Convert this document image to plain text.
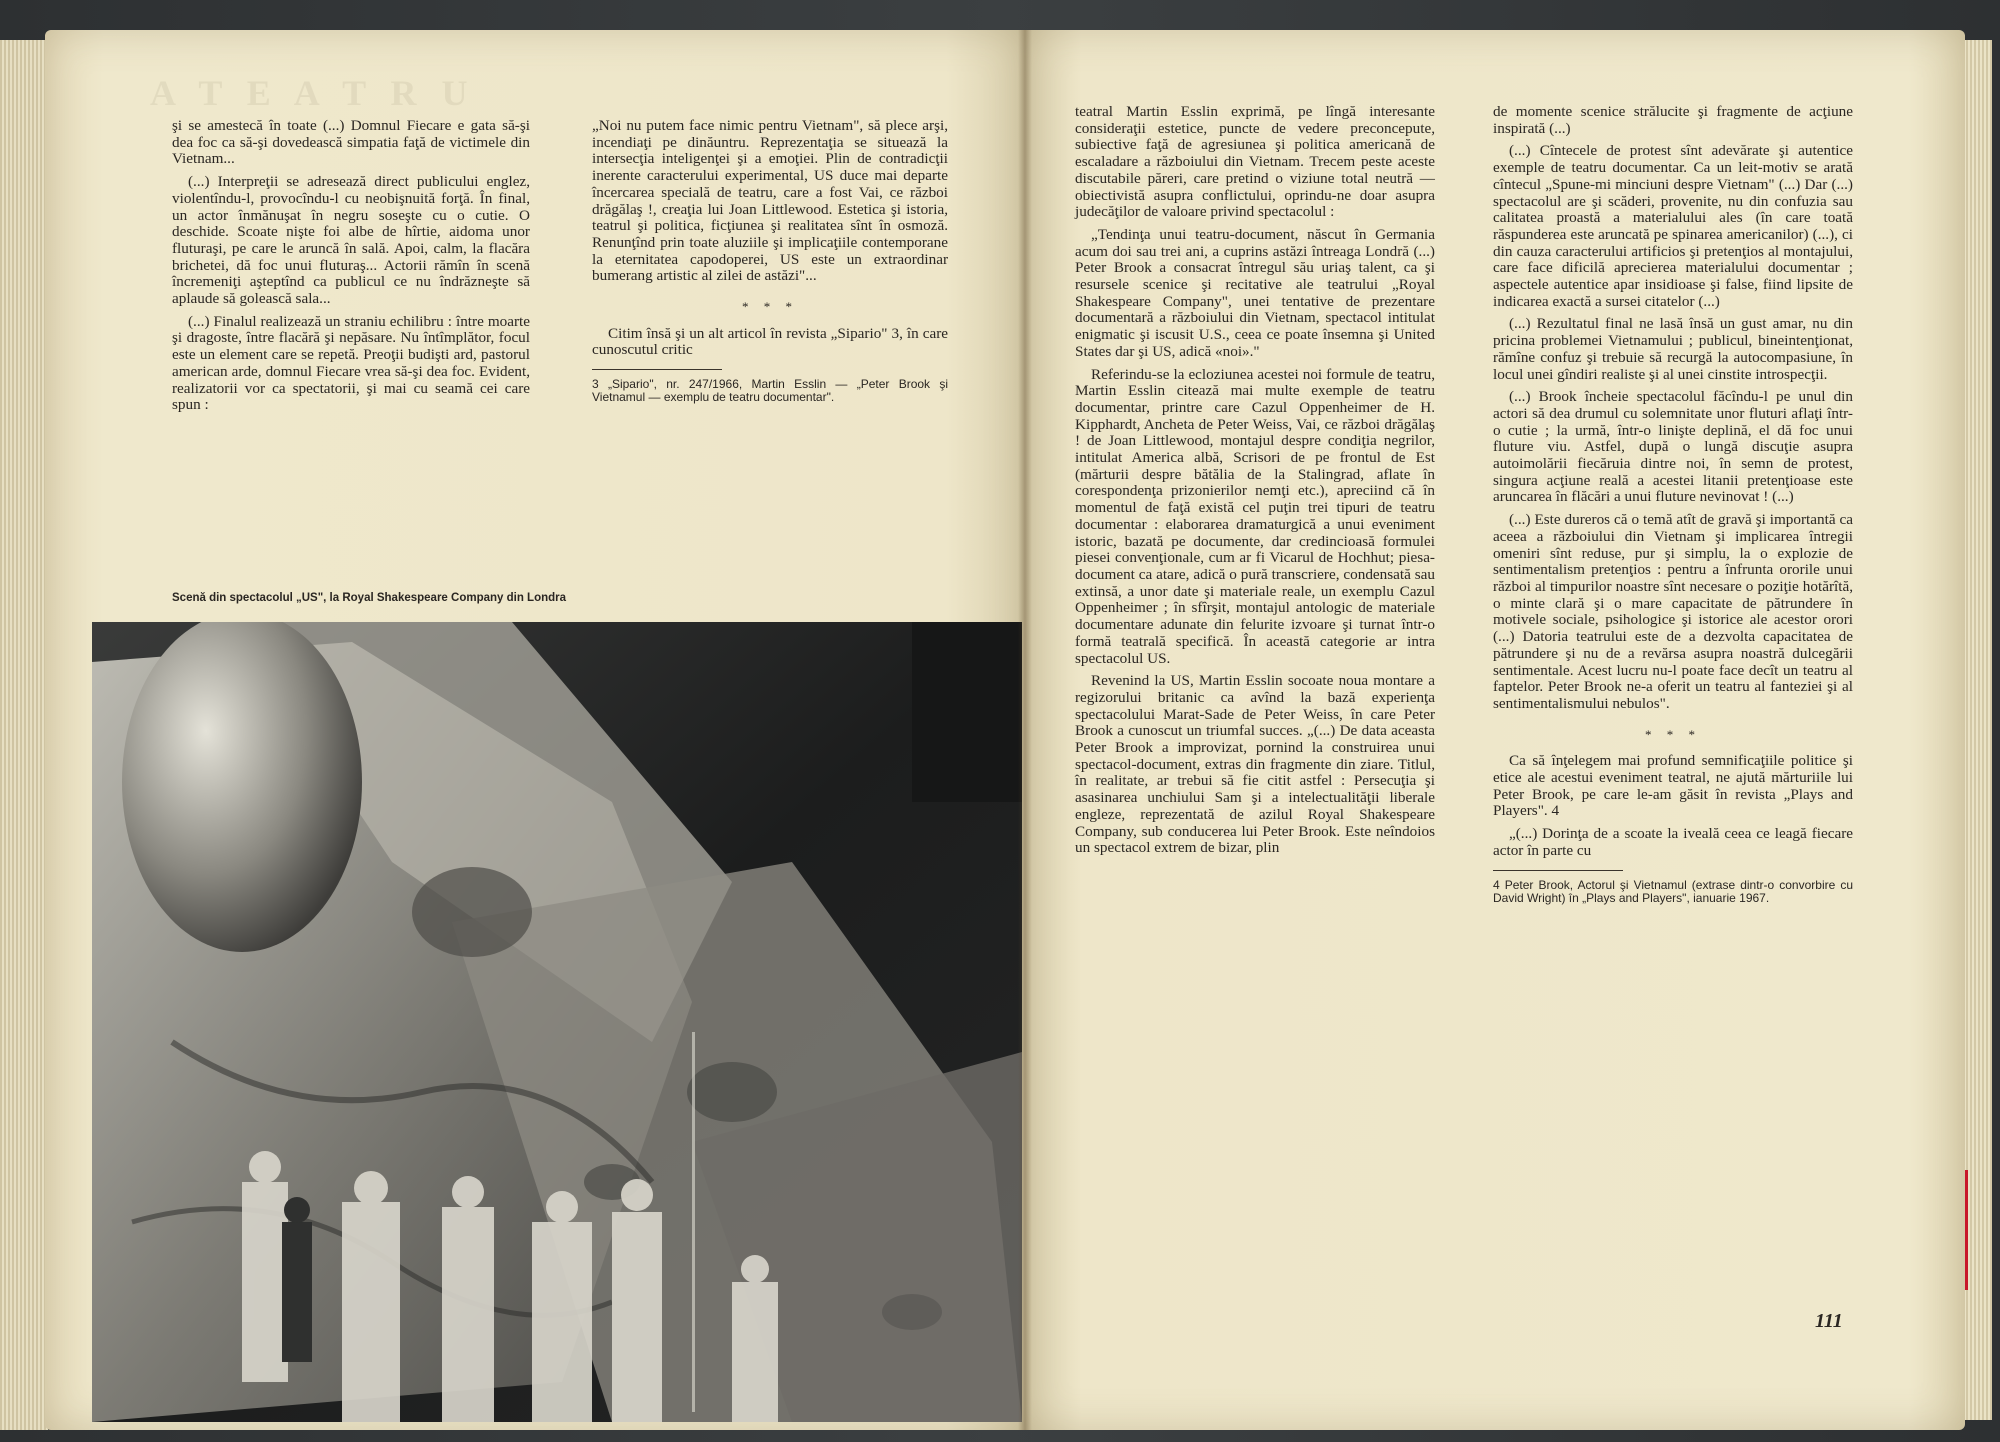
A T E A T R U

şi se amestecă în toate (...) Domnul Fiecare e gata să-şi dea foc ca să-şi dovedească simpatia faţă de victimele din Vietnam...

(...) Interpreţii se adresează direct publicului englez, violentîndu-l, provocîndu-l cu neobişnuită forţă. În final, un actor înmănuşat în negru soseşte cu o cutie. O deschide. Scoate nişte foi albe de hîrtie, aidoma unor fluturaşi, pe care le aruncă în sală. Apoi, calm, la flacăra brichetei, dă foc unui fluturaş... Actorii rămîn în scenă încremeniţi aşteptînd ca publicul ce nu îndrăzneşte să aplaude să golească sala...

(...) Finalul realizează un straniu echilibru : între moarte şi dragoste, între flacără şi nepăsare. Nu întîmplător, focul este un element care se repetă. Preoţii budişti ard, pastorul american arde, domnul Fiecare vrea să-şi dea foc. Evident, realizatorii vor ca spectatorii, şi mai cu seamă cei care spun :

„Noi nu putem face nimic pentru Vietnam", să plece arşi, incendiaţi pe dinăuntru. Reprezentaţia se situează la intersecţia inteligenţei şi a emoţiei. Plin de contradicţii inerente caracterului experimental, US duce mai departe încercarea specială de teatru, care a fost Vai, ce război drăgălaş !, creaţia lui Joan Littlewood. Estetica şi istoria, teatrul şi politica, ficţiunea şi realitatea sînt în osmoză. Renunţînd prin toate aluziile şi implicaţiile contemporane la eternitatea capodoperei, US este un extraordinar bumerang artistic al zilei de astăzi"...

* * *

Citim însă şi un alt articol în revista „Sipario" 3, în care cunoscutul critic

3 „Sipario", nr. 247/1966, Martin Esslin — „Peter Brook şi Vietnamul — exemplu de teatru documentar".

Scenă din spectacolul „US", la Royal Shakespeare Company din Londra

teatral Martin Esslin exprimă, pe lîngă interesante consideraţii estetice, puncte de vedere preconcepute, subiective faţă de agresiunea şi politica americană de escaladare a războiului din Vietnam. Trecem peste aceste discutabile păreri, care pretind o viziune total neutră — obiectivistă asupra conflictului, oprindu-ne doar asupra judecăţilor de valoare privind spectacolul :

„Tendinţa unui teatru-document, născut în Germania acum doi sau trei ani, a cuprins astăzi întreaga Londră (...) Peter Brook a consacrat întregul său uriaş talent, ca şi resursele scenice şi recitative ale teatrului „Royal Shakespeare Company", unei tentative de prezentare documentară a războiului din Vietnam, spectacol intitulat enigmatic şi iscusit U.S., ceea ce poate însemna şi United States dar şi US, adică «noi»."

Referindu-se la ecloziunea acestei noi formule de teatru, Martin Esslin citează mai multe exemple de teatru documentar, printre care Cazul Oppenheimer de H. Kipphardt, Ancheta de Peter Weiss, Vai, ce război drăgălaş ! de Joan Littlewood, montajul despre condiţia negrilor, intitulat America albă, Scrisori de pe frontul de Est (mărturii despre bătălia de la Stalingrad, aflate în corespondenţa prizonierilor nemţi etc.), apreciind că în momentul de faţă există cel puţin trei tipuri de teatru documentar : elaborarea dramaturgică a unui eveniment istoric, bazată pe documente, dar credincioasă formulei piesei convenţionale, cum ar fi Vicarul de Hochhut; piesa-document ca atare, adică o pură transcriere, condensată sau extinsă, a unor date şi materiale reale, un exemplu Cazul Oppenheimer ; în sfîrşit, montajul antologic de materiale documentare adunate din felurite izvoare şi turnat într-o formă teatrală specifică. În această categorie ar intra spectacolul US.

Revenind la US, Martin Esslin socoate noua montare a regizorului britanic ca avînd la bază experienţa spectacolului Marat-Sade de Peter Weiss, în care Peter Brook a cunoscut un triumfal succes. „(...) De data aceasta Peter Brook a improvizat, pornind la construirea unui spectacol-document, extras din fragmente din ziare. Titlul, în realitate, ar trebui să fie citit astfel : Persecuţia şi asasinarea unchiului Sam şi a intelectualităţii liberale engleze, reprezentată de azilul Royal Shakespeare Company, sub conducerea lui Peter Brook. Este neîndoios un spectacol extrem de bizar, plin

de momente scenice strălucite şi fragmente de acţiune inspirată (...)

(...) Cîntecele de protest sînt adevărate şi autentice exemple de teatru documentar. Ca un leit-motiv se arată cîntecul „Spune-mi minciuni despre Vietnam" (...) Dar (...) spectacolul are şi scăderi, provenite, nu din confuzia sau calitatea proastă a materialului ales (în care toată răspunderea este aruncată pe spinarea americanilor) (...), ci din cauza caracterului artificios şi pretenţios al montajului, care face dificilă aprecierea materialului documentar ; aspectele autentice apar insidioase şi false, fiind lipsite de indicarea exactă a sursei citatelor (...)

(...) Rezultatul final ne lasă însă un gust amar, nu din pricina problemei Vietnamului ; publicul, bineintenţionat, rămîne confuz şi trebuie să recurgă la autocompasiune, în locul unei gîndiri realiste şi al unei cinstite introspecţii.

(...) Brook încheie spectacolul făcîndu-l pe unul din actori să dea drumul cu solemnitate unor fluturi aflaţi într-o cutie ; la urmă, într-o linişte deplină, el dă foc unui fluture viu. Astfel, după o lungă discuţie asupra autoimolării fiecăruia dintre noi, în semn de protest, singura acţiune reală a acestei litanii pretenţioase este aruncarea în flăcări a unui fluture nevinovat ! (...)

(...) Este dureros că o temă atît de gravă şi importantă ca aceea a războiului din Vietnam şi implicarea întregii omeniri sînt reduse, pur şi simplu, la o explozie de sentimentalism pretenţios : pentru a înfrunta ororile unui război al timpurilor noastre sînt necesare o poziţie hotărîtă, o minte clară şi o mare capacitate de pătrundere în motivele sociale, psihologice şi istorice ale acestor orori (...) Datoria teatrului este de a dezvolta capacitatea de pătrundere şi nu de a revărsa asupra noastră dulcegării sentimentale. Acest lucru nu-l poate face decît un teatru al faptelor. Peter Brook ne-a oferit un teatru al fanteziei şi al sentimentalismului nebulos".

* * *

Ca să înţelegem mai profund semnificaţiile politice şi etice ale acestui eveniment teatral, ne ajută mărturiile lui Peter Brook, pe care le-am găsit în revista „Plays and Players". 4

„(...) Dorinţa de a scoate la iveală ceea ce leagă fiecare actor în parte cu

4 Peter Brook, Actorul şi Vietnamul (extrase dintr-o convorbire cu David Wright) în „Plays and Players", ianuarie 1967.

111
